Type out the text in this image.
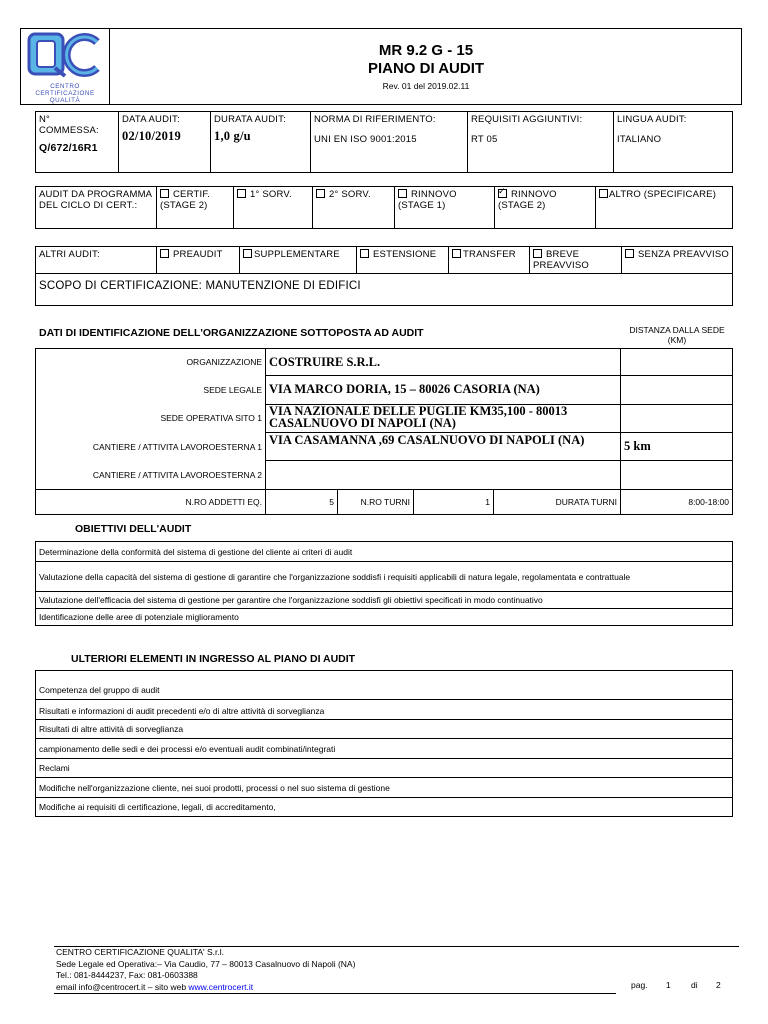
CENTRO
CERTIFICAZIONE
QUALITÀ
MR 9.2 G - 15
PIANO DI AUDIT
Rev. 01 del 2019.02.11
N° COMMESSA:
Q/672/16R1

DATA AUDIT:
02/10/2019

DURATA AUDIT:
1,0 g/u

NORMA DI RIFERIMENTO:
UNI EN ISO 9001:2015

REQUISITI AGGIUNTIVI:
RT 05

LINGUA AUDIT:
ITALIANO
AUDIT DA PROGRAMMA DEL CICLO DI CERT.:	CERTIF. (STAGE 2)	1° SORV.	2° SORV.	RINNOVO (STAGE 1)	✓RINNOVO (STAGE 2)	ALTRO (SPECIFICARE)
ALTRI AUDIT:	PREAUDIT	SUPPLEMENTARE	ESTENSIONE	TRANSFER	BREVE PREAVVISO	SENZA PREAVVISO
SCOPO DI CERTIFICAZIONE: MANUTENZIONE DI EDIFICI
DATI DI IDENTIFICAZIONE DELL'ORGANIZZAZIONE SOTTOPOSTA AD AUDIT	DISTANZA DALLA SEDE (KM)
ORGANIZZAZIONE	COSTRUIRE S.R.L.				
SEDE LEGALE	VIA MARCO DORIA, 15 – 80026 CASORIA (NA)				
SEDE OPERATIVA SITO 1	VIA NAZIONALE DELLE PUGLIE KM35,100 - 80013 CASALNUOVO DI NAPOLI (NA)				
CANTIERE / ATTIVITA LAVOROESTERNA 1	VIA CASAMANNA ,69 CASALNUOVO DI NAPOLI (NA)				5 km
CANTIERE / ATTIVITA LAVOROESTERNA 2					
N.RO ADDETTI EQ.	5	N.RO TURNI	1	DURATA TURNI	8:00-18:00
OBIETTIVI DELL'AUDIT
Determinazione della conformità del sistema di gestione del cliente ai criteri di audit
Valutazione della capacità del sistema di gestione di garantire che l'organizzazione soddisfi i requisiti applicabili di natura legale, regolamentata e contrattuale
Valutazione dell'efficacia del sistema di gestione per garantire che l'organizzazione soddisfi gli obiettivi specificati in modo continuativo
Identificazione delle aree di potenziale miglioramento
ULTERIORI ELEMENTI IN INGRESSO AL PIANO DI AUDIT
Competenza del gruppo di audit
Risultati e informazioni di audit precedenti e/o di altre attività di sorveglianza
Risultati di altre attività di sorveglianza
campionamento delle sedi e dei processi e/o eventuali audit combinati/integrati
Reclami
Modifiche nell'organizzazione cliente, nei suoi prodotti, processi o nel suo sistema di gestione
Modifiche ai requisiti di certificazione, legali, di accreditamento,
CENTRO CERTIFICAZIONE QUALITA' S.r.l.
Sede Legale ed Operativa:– Via Caudio, 77 – 80013 Casalnuovo di Napoli (NA)
Tel.: 081-8444237, Fax: 081-0603388
email info@centrocert.it – sito web www.centrocert.it	pag. 1 di 2
